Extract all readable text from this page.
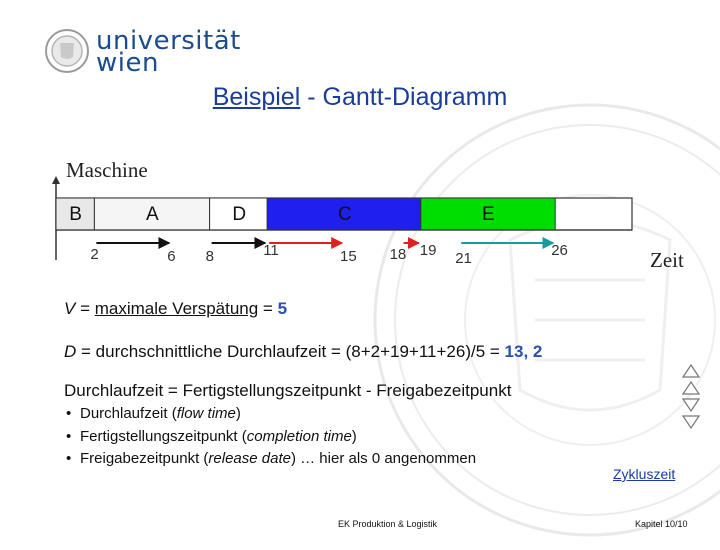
universität
wien
Beispiel - Gantt-Diagramm
Maschine
Zeit
2	6 8	11	15 18 19 21	26
B	A	D	C	E
V = maximale Verspätung = 5
D = durchschnittliche Durchlaufzeit = (8+2+19+11+26)/5 = 13, 2
Durchlaufzeit = Fertigstellungszeitpunkt - Freigabezeitpunkt
• Durchlaufzeit (flow time)
• Fertigstellungszeitpunkt (completion time)
• Freigabezeitpunkt (release date) … hier als 0 angenommen
Zykluszeit
EK Produktion & Logistik	Kapitel 10/10
